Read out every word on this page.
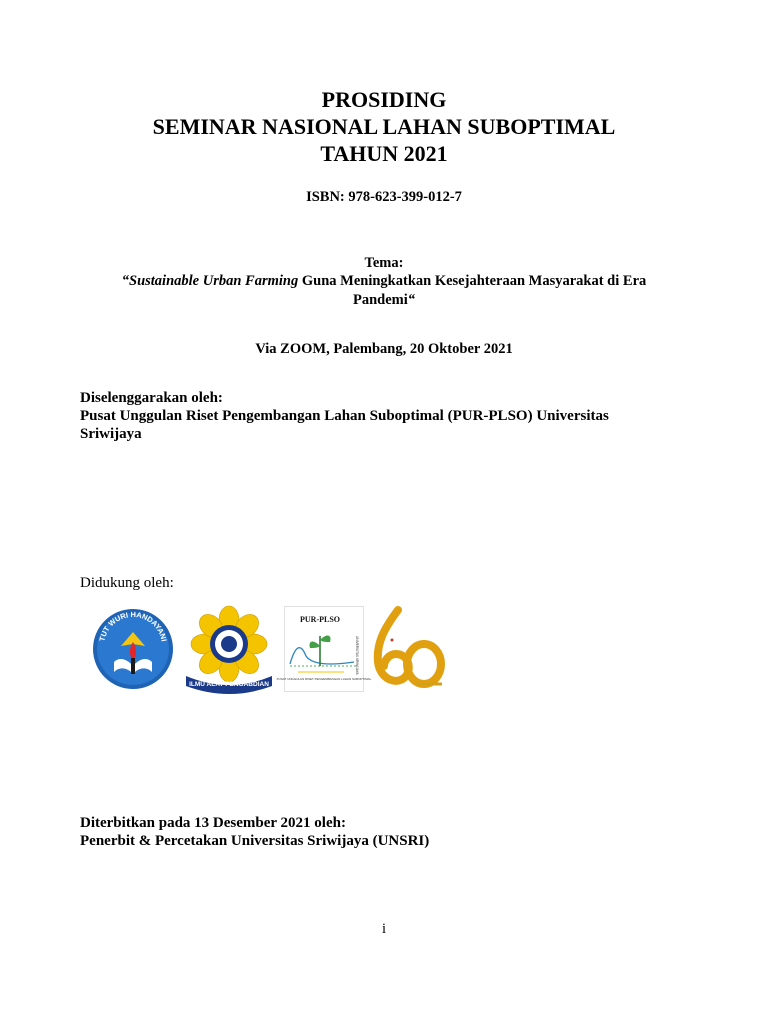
PROSIDING
SEMINAR NASIONAL LAHAN SUBOPTIMAL
TAHUN 2021
ISBN: 978-623-399-012-7
Tema:
“Sustainable Urban Farming Guna Meningkatkan Kesejahteraan Masyarakat di Era
Pandemi“
Via ZOOM, Palembang, 20 Oktober 2021
Diselenggarakan oleh:
Pusat Unggulan Riset Pengembangan Lahan Suboptimal (PUR-PLSO) Universitas
Sriwijaya
Didukung oleh:
TUT WURI HANDAYANI
ILMU ALAT PENGABDIAN
PUR-PLSO
PUSAT UNGGULAN RISET PENGEMBANGAN LAHAN SUBOPTIMAL
UNIVERSITAS SRIWIJAYA
Diterbitkan pada 13 Desember 2021 oleh:
Penerbit & Percetakan Universitas Sriwijaya (UNSRI)
i
